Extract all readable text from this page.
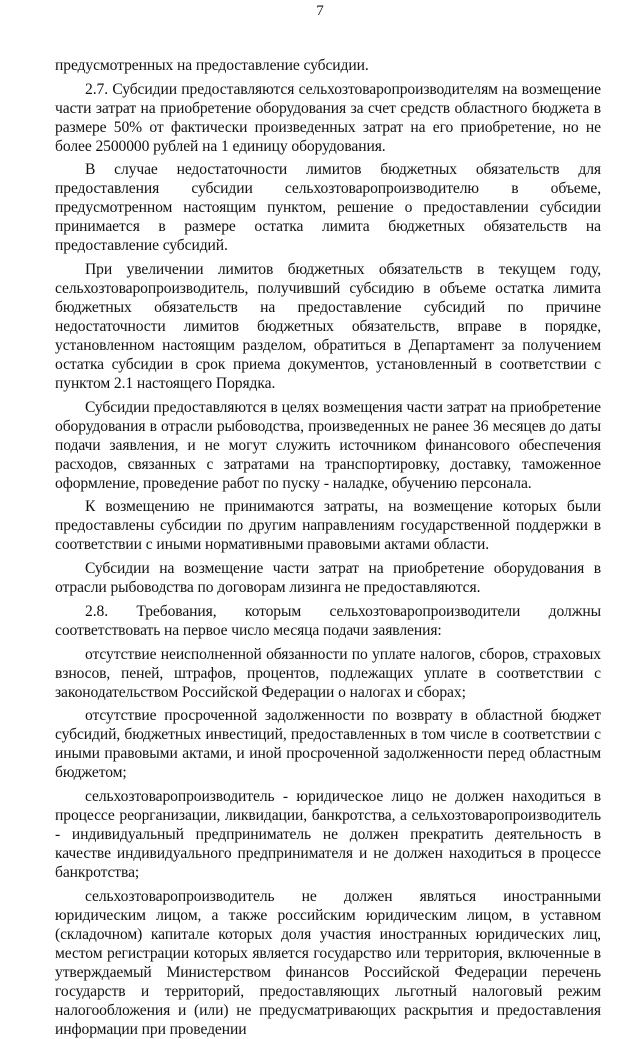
7

предусмотренных на предоставление субсидии.

2.7. Субсидии предоставляются сельхозтоваропроизводителям на возмещение части затрат на приобретение оборудования за счет средств областного бюджета в размере 50% от фактически произведенных затрат на его приобретение, но не более 2500000 рублей на 1 единицу оборудования.

В случае недостаточности лимитов бюджетных обязательств для предоставления субсидии сельхозтоваропроизводителю в объеме, предусмотренном настоящим пунктом, решение о предоставлении субсидии принимается в размере остатка лимита бюджетных обязательств на предоставление субсидий.

При увеличении лимитов бюджетных обязательств в текущем году, сельхозтоваропроизводитель, получивший субсидию в объеме остатка лимита бюджетных обязательств на предоставление субсидий по причине недостаточности лимитов бюджетных обязательств, вправе в порядке, установленном настоящим разделом, обратиться в Департамент за получением остатка субсидии в срок приема документов, установленный в соответствии с пунктом 2.1 настоящего Порядка.

Субсидии предоставляются в целях возмещения части затрат на приобретение оборудования в отрасли рыбоводства, произведенных не ранее 36 месяцев до даты подачи заявления, и не могут служить источником финансового обеспечения расходов, связанных с затратами на транспортировку, доставку, таможенное оформление, проведение работ по пуску - наладке, обучению персонала.

К возмещению не принимаются затраты, на возмещение которых были предоставлены субсидии по другим направлениям государственной поддержки в соответствии с иными нормативными правовыми актами области.

Субсидии на возмещение части затрат на приобретение оборудования в отрасли рыбоводства по договорам лизинга не предоставляются.

2.8. Требования, которым сельхозтоваропроизводители должны соответствовать на первое число месяца подачи заявления:

отсутствие неисполненной обязанности по уплате налогов, сборов, страховых взносов, пеней, штрафов, процентов, подлежащих уплате в соответствии с законодательством Российской Федерации о налогах и сборах;

отсутствие просроченной задолженности по возврату в областной бюджет субсидий, бюджетных инвестиций, предоставленных в том числе в соответствии с иными правовыми актами, и иной просроченной задолженности перед областным бюджетом;

сельхозтоваропроизводитель - юридическое лицо не должен находиться в процессе реорганизации, ликвидации, банкротства, а сельхозтоваропроизводитель - индивидуальный предприниматель не должен прекратить деятельность в качестве индивидуального предпринимателя и не должен находиться в процессе банкротства;

сельхозтоваропроизводитель не должен являться иностранными юридическим лицом, а также российским юридическим лицом, в уставном (складочном) капитале которых доля участия иностранных юридических лиц, местом регистрации которых является государство или территория, включенные в утверждаемый Министерством финансов Российской Федерации перечень государств и территорий, предоставляющих льготный налоговый режим налогообложения и (или) не предусматривающих раскрытия и предоставления информации при проведении
